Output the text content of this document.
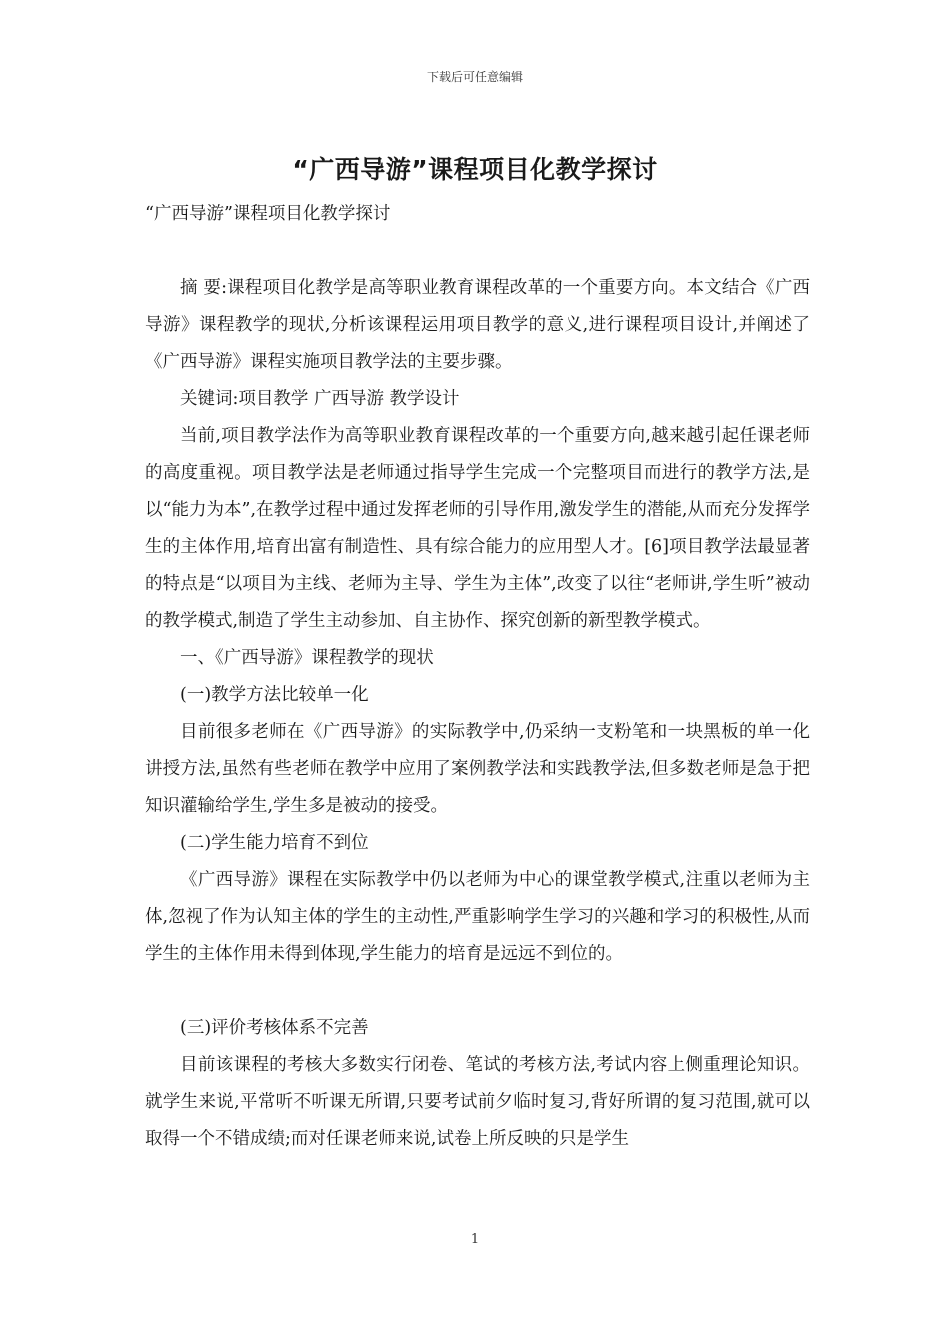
下载后可任意编辑
“广西导游”课程项目化教学探讨

“广西导游”课程项目化教学探讨

摘 要:课程项目化教学是高等职业教育课程改革的一个重要方向。本文结合《广西导游》课程教学的现状,分析该课程运用项目教学的意义,进行课程项目设计,并阐述了《广西导游》课程实施项目教学法的主要步骤。

关键词:项目教学 广西导游 教学设计

当前,项目教学法作为高等职业教育课程改革的一个重要方向,越来越引起任课老师的高度重视。项目教学法是老师通过指导学生完成一个完整项目而进行的教学方法,是以“能力为本”,在教学过程中通过发挥老师的引导作用,激发学生的潜能,从而充分发挥学生的主体作用,培育出富有制造性、具有综合能力的应用型人才。[6]项目教学法最显著的特点是“以项目为主线、老师为主导、学生为主体”,改变了以往“老师讲,学生听”被动的教学模式,制造了学生主动参加、自主协作、探究创新的新型教学模式。

一、《广西导游》课程教学的现状

(一)教学方法比较单一化

目前很多老师在《广西导游》的实际教学中,仍采纳一支粉笔和一块黑板的单一化讲授方法,虽然有些老师在教学中应用了案例教学法和实践教学法,但多数老师是急于把知识灌输给学生,学生多是被动的接受。

(二)学生能力培育不到位

《广西导游》课程在实际教学中仍以老师为中心的课堂教学模式,注重以老师为主体,忽视了作为认知主体的学生的主动性,严重影响学生学习的兴趣和学习的积极性,从而学生的主体作用未得到体现,学生能力的培育是远远不到位的。

(三)评价考核体系不完善

目前该课程的考核大多数实行闭卷、笔试的考核方法,考试内容上侧重理论知识。就学生来说,平常听不听课无所谓,只要考试前夕临时复习,背好所谓的复习范围,就可以取得一个不错成绩;而对任课老师来说,试卷上所反映的只是学生

1
